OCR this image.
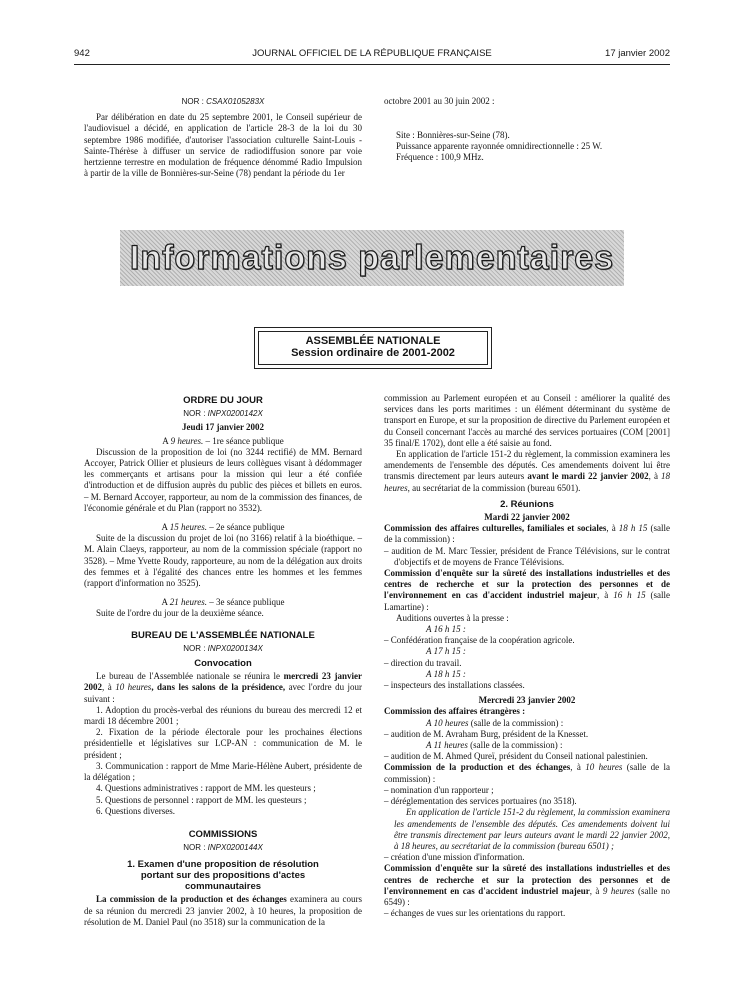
942	JOURNAL OFFICIEL DE LA RÉPUBLIQUE FRANÇAISE	17 janvier 2002
NOR : CSAX0105283X

Par délibération en date du 25 septembre 2001, le Conseil supérieur de l'audiovisuel a décidé, en application de l'article 28-3 de la loi du 30 septembre 1986 modifiée, d'autoriser l'association culturelle Saint-Louis - Sainte-Thérèse à diffuser un service de radiodiffusion sonore par voie hertzienne terrestre en modulation de fréquence dénommé Radio Impulsion à partir de la ville de Bonnières-sur-Seine (78) pendant la période du 1er

octobre 2001 au 30 juin 2002 :

Site : Bonnières-sur-Seine (78).

Puissance apparente rayonnée omnidirectionnelle : 25 W.

Fréquence : 100,9 MHz.

Informations parlementaires
ASSEMBLÉE NATIONALE
Session ordinaire de 2001-2002
ORDRE DU JOUR
NOR : INPX0200142X

Jeudi 17 janvier 2002

A 9 heures. – 1re séance publique

Discussion de la proposition de loi (no 3244 rectifié) de MM. Bernard Accoyer, Patrick Ollier et plusieurs de leurs collègues visant à dédommager les commerçants et artisans pour la mission qui leur a été confiée d'introduction et de diffusion auprès du public des pièces et billets en euros. – M. Bernard Accoyer, rapporteur, au nom de la commission des finances, de l'économie générale et du Plan (rapport no 3532).

A 15 heures. – 2e séance publique

Suite de la discussion du projet de loi (no 3166) relatif à la bioéthique. – M. Alain Claeys, rapporteur, au nom de la commission spéciale (rapport no 3528). – Mme Yvette Roudy, rapporteure, au nom de la délégation aux droits des femmes et à l'égalité des chances entre les hommes et les femmes (rapport d'information no 3525).

A 21 heures. – 3e séance publique

Suite de l'ordre du jour de la deuxième séance.

BUREAU DE L'ASSEMBLÉE NATIONALE
NOR : INPX0200134X
Convocation

Le bureau de l'Assemblée nationale se réunira le mercredi 23 janvier 2002, à 10 heures, dans les salons de la présidence, avec l'ordre du jour suivant :

1. Adoption du procès-verbal des réunions du bureau des mercredi 12 et mardi 18 décembre 2001 ;

2. Fixation de la période électorale pour les prochaines élections présidentielle et législatives sur LCP-AN : communication de M. le président ;

3. Communication : rapport de Mme Marie-Hélène Aubert, présidente de la délégation ;

4. Questions administratives : rapport de MM. les questeurs ;

5. Questions de personnel : rapport de MM. les questeurs ;

6. Questions diverses.

COMMISSIONS
NOR : INPX0200144X
1. Examen d'une proposition de résolution portant sur des propositions d'actes communautaires

La commission de la production et des échanges examinera au cours de sa réunion du mercredi 23 janvier 2002, à 10 heures, la proposition de résolution de M. Daniel Paul (no 3518) sur la communication de la

commission au Parlement européen et au Conseil : améliorer la qualité des services dans les ports maritimes : un élément déterminant du système de transport en Europe, et sur la proposition de directive du Parlement européen et du Conseil concernant l'accès au marché des services portuaires (COM [2001] 35 final/E 1702), dont elle a été saisie au fond.

En application de l'article 151-2 du règlement, la commission examinera les amendements de l'ensemble des députés. Ces amendements doivent lui être transmis directement par leurs auteurs avant le mardi 22 janvier 2002, à 18 heures, au secrétariat de la commission (bureau 6501).

2. Réunions

Mardi 22 janvier 2002

Commission des affaires culturelles, familiales et sociales, à 18 h 15 (salle de la commission) :

– audition de M. Marc Tessier, président de France Télévisions, sur le contrat d'objectifs et de moyens de France Télévisions.

Commission d'enquête sur la sûreté des installations industrielles et des centres de recherche et sur la protection des personnes et de l'environnement en cas d'accident industriel majeur, à 16 h 15 (salle Lamartine) :

Auditions ouvertes à la presse :

A 16 h 15 :

– Confédération française de la coopération agricole.

A 17 h 15 :

– direction du travail.

A 18 h 15 :

– inspecteurs des installations classées.

Mercredi 23 janvier 2002

Commission des affaires étrangères :

A 10 heures (salle de la commission) :

– audition de M. Avraham Burg, président de la Knesset.

A 11 heures (salle de la commission) :

– audition de M. Ahmed Qureï, président du Conseil national palestinien.

Commission de la production et des échanges, à 10 heures (salle de la commission) :

– nomination d'un rapporteur ;

– déréglementation des services portuaires (no 3518).

En application de l'article 151-2 du règlement, la commission examinera les amendements de l'ensemble des députés. Ces amendements doivent lui être transmis directement par leurs auteurs avant le mardi 22 janvier 2002, à 18 heures, au secrétariat de la commission (bureau 6501) ;

– création d'une mission d'information.

Commission d'enquête sur la sûreté des installations industrielles et des centres de recherche et sur la protection des personnes et de l'environnement en cas d'accident industriel majeur, à 9 heures (salle no 6549) :

– échanges de vues sur les orientations du rapport.
